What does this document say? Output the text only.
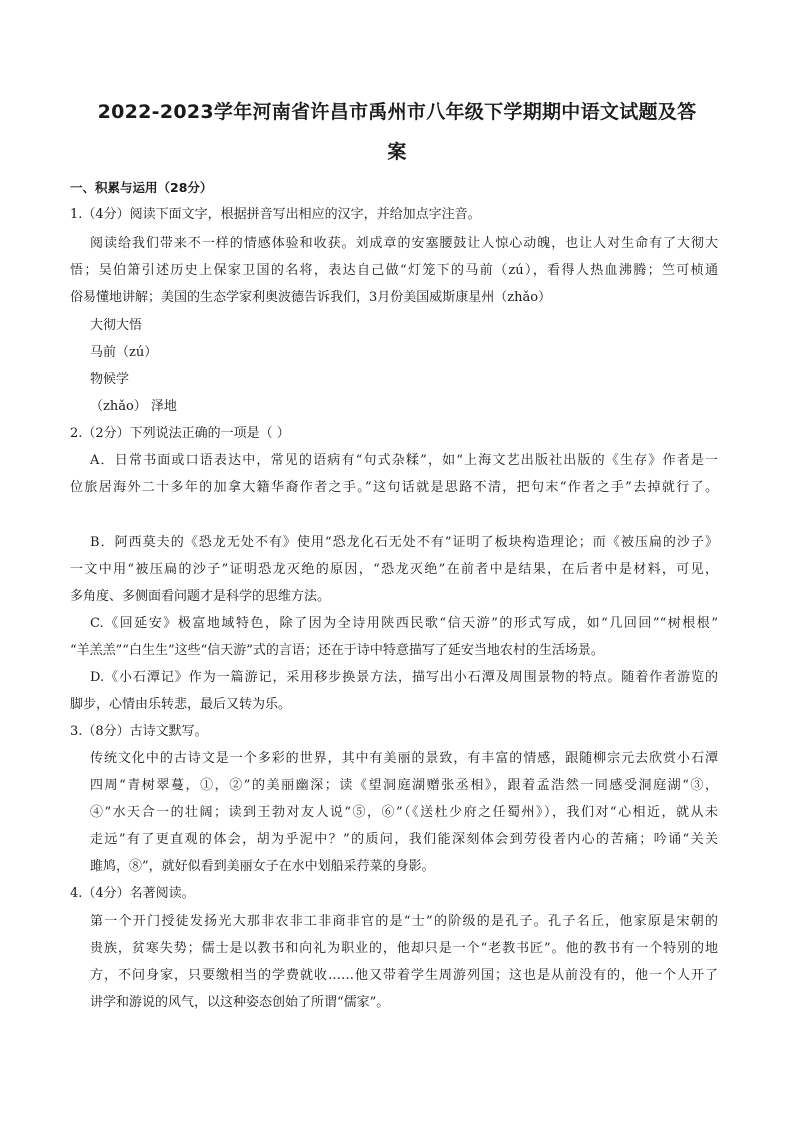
2022-2023学年河南省许昌市禹州市八年级下学期期中语文试题及答
案
一、积累与运用（28分）
1.（4分）阅读下面文字，根据拼音写出相应的汉字，并给加点字注音。
阅读给我们带来不一样的情感体验和收获。刘成章的安塞腰鼓让人惊心动魄，也让人对生命有了大彻大
悟；吴伯箫引述历史上保家卫国的名将，表达自己做“灯笼下的马前（zú），看得人热血沸腾；竺可桢通
俗易懂地讲解；美国的生态学家利奥波德告诉我们，3月份美国威斯康星州（zhǎo）
大彻大悟
马前（zú）
物候学
（zhǎo） 泽地
2.（2分）下列说法正确的一项是（ ）
A．日常书面或口语表达中，常见的语病有“句式杂糅”，如“上海文艺出版社出版的《生存》作者是一
位旅居海外二十多年的加拿大籍华裔作者之手。”这句话就是思路不清，把句末“作者之手”去掉就行了。
B．阿西莫夫的《恐龙无处不有》使用“恐龙化石无处不有”证明了板块构造理论；而《被压扁的沙子》
一文中用“被压扁的沙子”证明恐龙灭绝的原因，“恐龙灭绝”在前者中是结果，在后者中是材料，可见，
多角度、多侧面看问题才是科学的思维方法。
C.《回延安》极富地域特色，除了因为全诗用陕西民歌“信天游”的形式写成，如“几回回”“树根根”
“羊羔羔”“白生生”这些“信天游”式的言语；还在于诗中特意描写了延安当地农村的生活场景。
D.《小石潭记》作为一篇游记，采用移步换景方法，描写出小石潭及周围景物的特点。随着作者游览的
脚步，心情由乐转悲，最后又转为乐。
3.（8分）古诗文默写。
传统文化中的古诗文是一个多彩的世界，其中有美丽的景致，有丰富的情感，跟随柳宗元去欣赏小石潭
四周“青树翠蔓，①，②”的美丽幽深；读《望洞庭湖赠张丞相》，跟着孟浩然一同感受洞庭湖“③，
④”水天合一的壮阔；读到王勃对友人说“⑤，⑥”（《送杜少府之任蜀州》），我们对“心相近，就从未
走远”有了更直观的体会，胡为乎泥中？”的质问，我们能深刻体会到劳役者内心的苦痛；吟诵“关关
雎鸠，⑧”，就好似看到美丽女子在水中划船采荇菜的身影。
4.（4分）名著阅读。
第一个开门授徒发扬光大那非农非工非商非官的是“士”的阶级的是孔子。孔子名丘，他家原是宋朝的
贵族，贫寒失势；儒士是以教书和向礼为职业的，他却只是一个“老教书匠”。他的教书有一个特别的地
方，不问身家，只要缴相当的学费就收……他又带着学生周游列国；这也是从前没有的，他一个人开了
讲学和游说的风气，以这种姿态创始了所谓“儒家”。
